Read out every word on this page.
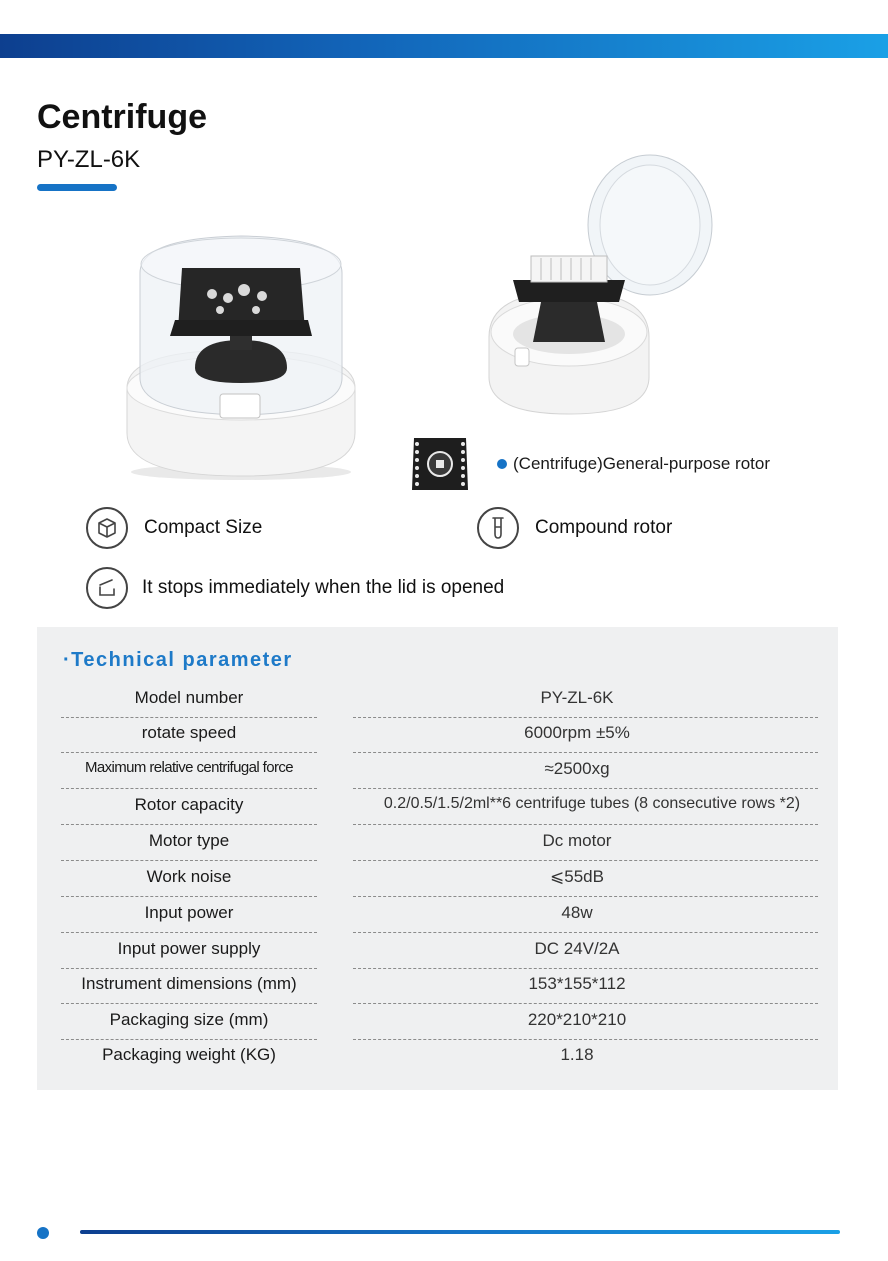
Centrifuge
PY-ZL-6K
(Centrifuge)General-purpose rotor
Compact Size	Compound rotor
It stops immediately when the lid is opened
·Technical parameter
Model number	PY-ZL-6K
rotate speed	6000rpm ±5%
Maximum relative centrifugal force	≈2500xg
Rotor capacity	0.2/0.5/1.5/2ml**6 centrifuge tubes (8 consecutive rows *2)
Motor type	Dc motor
Work noise	⩽55dB
Input power	48w
Input power supply	DC 24V/2A
Instrument dimensions (mm)	153*155*112
Packaging size (mm)	220*210*210
Packaging weight (KG)	1.18
